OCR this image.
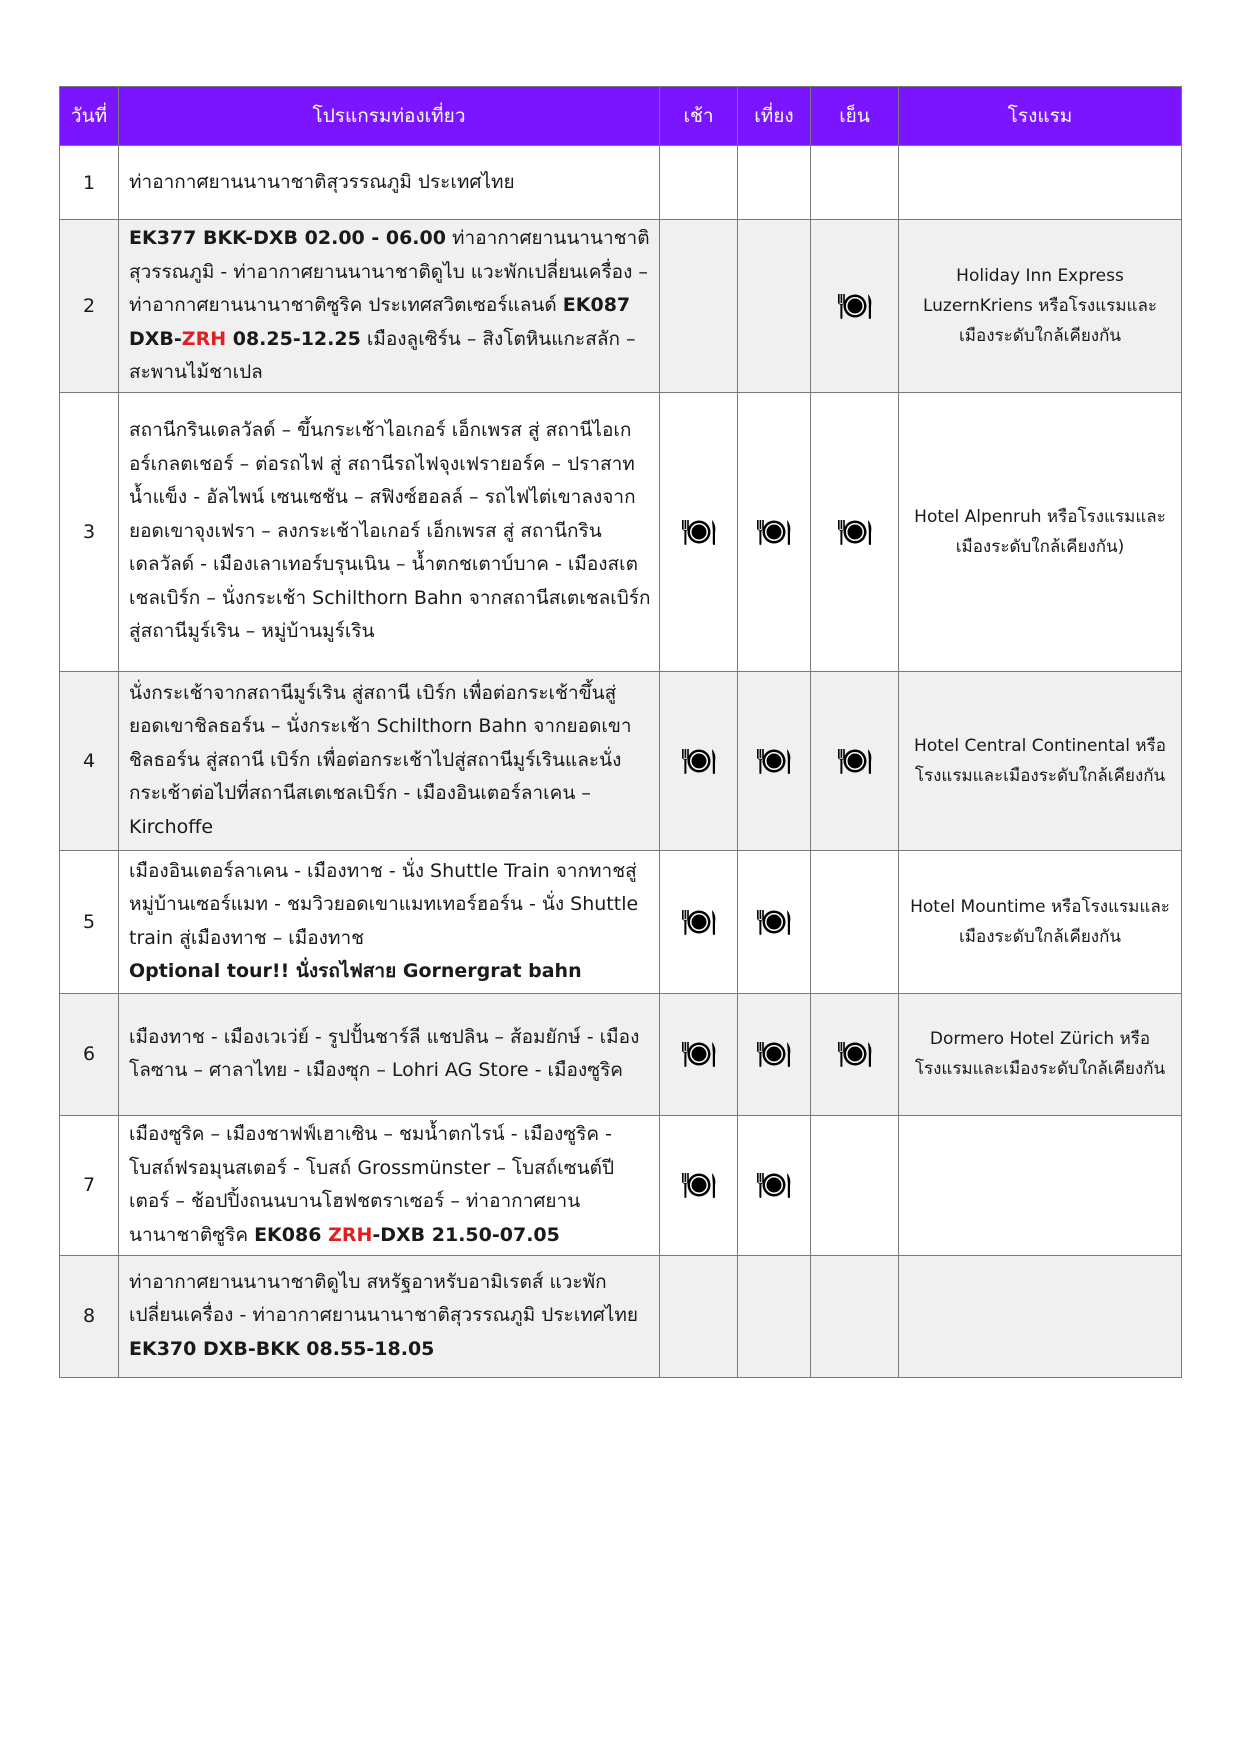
วันที่	โปรแกรมท่องเที่ยว	เช้า	เที่ยง	เย็น	โรงแรม
1	ท่าอากาศยานนานาชาติสุวรรณภูมิ ประเทศไทย				
2	EK377 BKK-DXB 02.00 - 06.00 ท่าอากาศยานนานาชาติสุวรรณภูมิ - ท่าอากาศยานนานาชาติดูไบ แวะพักเปลี่ยนเครื่อง – ท่าอากาศยานนานาชาติซูริค ประเทศสวิตเซอร์แลนด์ EK087 DXB-ZRH 08.25-12.25 เมืองลูเซิร์น – สิงโตหินแกะสลัก – สะพานไม้ชาเปล				Holiday Inn Express LuzernKriens หรือโรงแรมและเมืองระดับใกล้เคียงกัน
3	สถานีกรินเดลวัลด์ – ขึ้นกระเช้าไอเกอร์ เอ็กเพรส สู่ สถานีไอเกอร์เกลตเชอร์ – ต่อรถไฟ สู่ สถานีรถไฟจุงเฟรายอร์ค – ปราสาทน้ำแข็ง - อัลไพน์ เซนเซชัน – สฟิงซ์ฮอลล์ – รถไฟไต่เขาลงจากยอดเขาจุงเฟรา – ลงกระเช้าไอเกอร์ เอ็กเพรส สู่ สถานีกรินเดลวัลด์ - เมืองเลาเทอร์บรุนเนิน – น้ำตกชเตาบ์บาค - เมืองสเตเชลเบิร์ก – นั่งกระเช้า Schilthorn Bahn จากสถานีสเตเชลเบิร์กสู่สถานีมูร์เริน – หมู่บ้านมูร์เริน				Hotel Alpenruh หรือโรงแรมและเมืองระดับใกล้เคียงกัน)
4	นั่งกระเช้าจากสถานีมูร์เริน สู่สถานี เบิร์ก เพื่อต่อกระเช้าขึ้นสู่ยอดเขาชิลธอร์น – นั่งกระเช้า Schilthorn Bahn จากยอดเขาชิลธอร์น สู่สถานี เบิร์ก เพื่อต่อกระเช้าไปสู่สถานีมูร์เรินและนั่งกระเช้าต่อไปที่สถานีสเตเชลเบิร์ก - เมืองอินเตอร์ลาเคน – Kirchoffe				Hotel Central Continental หรือโรงแรมและเมืองระดับใกล้เคียงกัน
5	เมืองอินเตอร์ลาเคน - เมืองทาช - นั่ง Shuttle Train จากทาชสู่หมู่บ้านเซอร์แมท - ชมวิวยอดเขาแมทเทอร์ฮอร์น - นั่ง Shuttle train สู่เมืองทาช – เมืองทาช
Optional tour!! นั่งรถไฟสาย Gornergrat bahn				Hotel Mountime หรือโรงแรมและเมืองระดับใกล้เคียงกัน
6	เมืองทาช - เมืองเวเว่ย์ - รูปปั้นชาร์ลี แชปลิน – ส้อมยักษ์ - เมืองโลซาน – ศาลาไทย - เมืองซุก – Lohri AG Store - เมืองซูริค				Dormero Hotel Zürich หรือโรงแรมและเมืองระดับใกล้เคียงกัน
7	เมืองซูริค – เมืองชาฟฟ์เฮาเซิน – ชมน้ำตกไรน์ - เมืองซูริค - โบสถ์ฟรอมุนสเตอร์ - โบสถ์ Grossmünster – โบสถ์เซนต์ปีเตอร์ – ช้อปปิ้งถนนบานโฮฟชตราเซอร์ – ท่าอากาศยานนานาชาติซูริค EK086 ZRH-DXB 21.50-07.05				
8	ท่าอากาศยานนานาชาติดูไบ สหรัฐอาหรับอามิเรตส์ แวะพักเปลี่ยนเครื่อง - ท่าอากาศยานนานาชาติสุวรรณภูมิ ประเทศไทย EK370 DXB-BKK 08.55-18.05				
